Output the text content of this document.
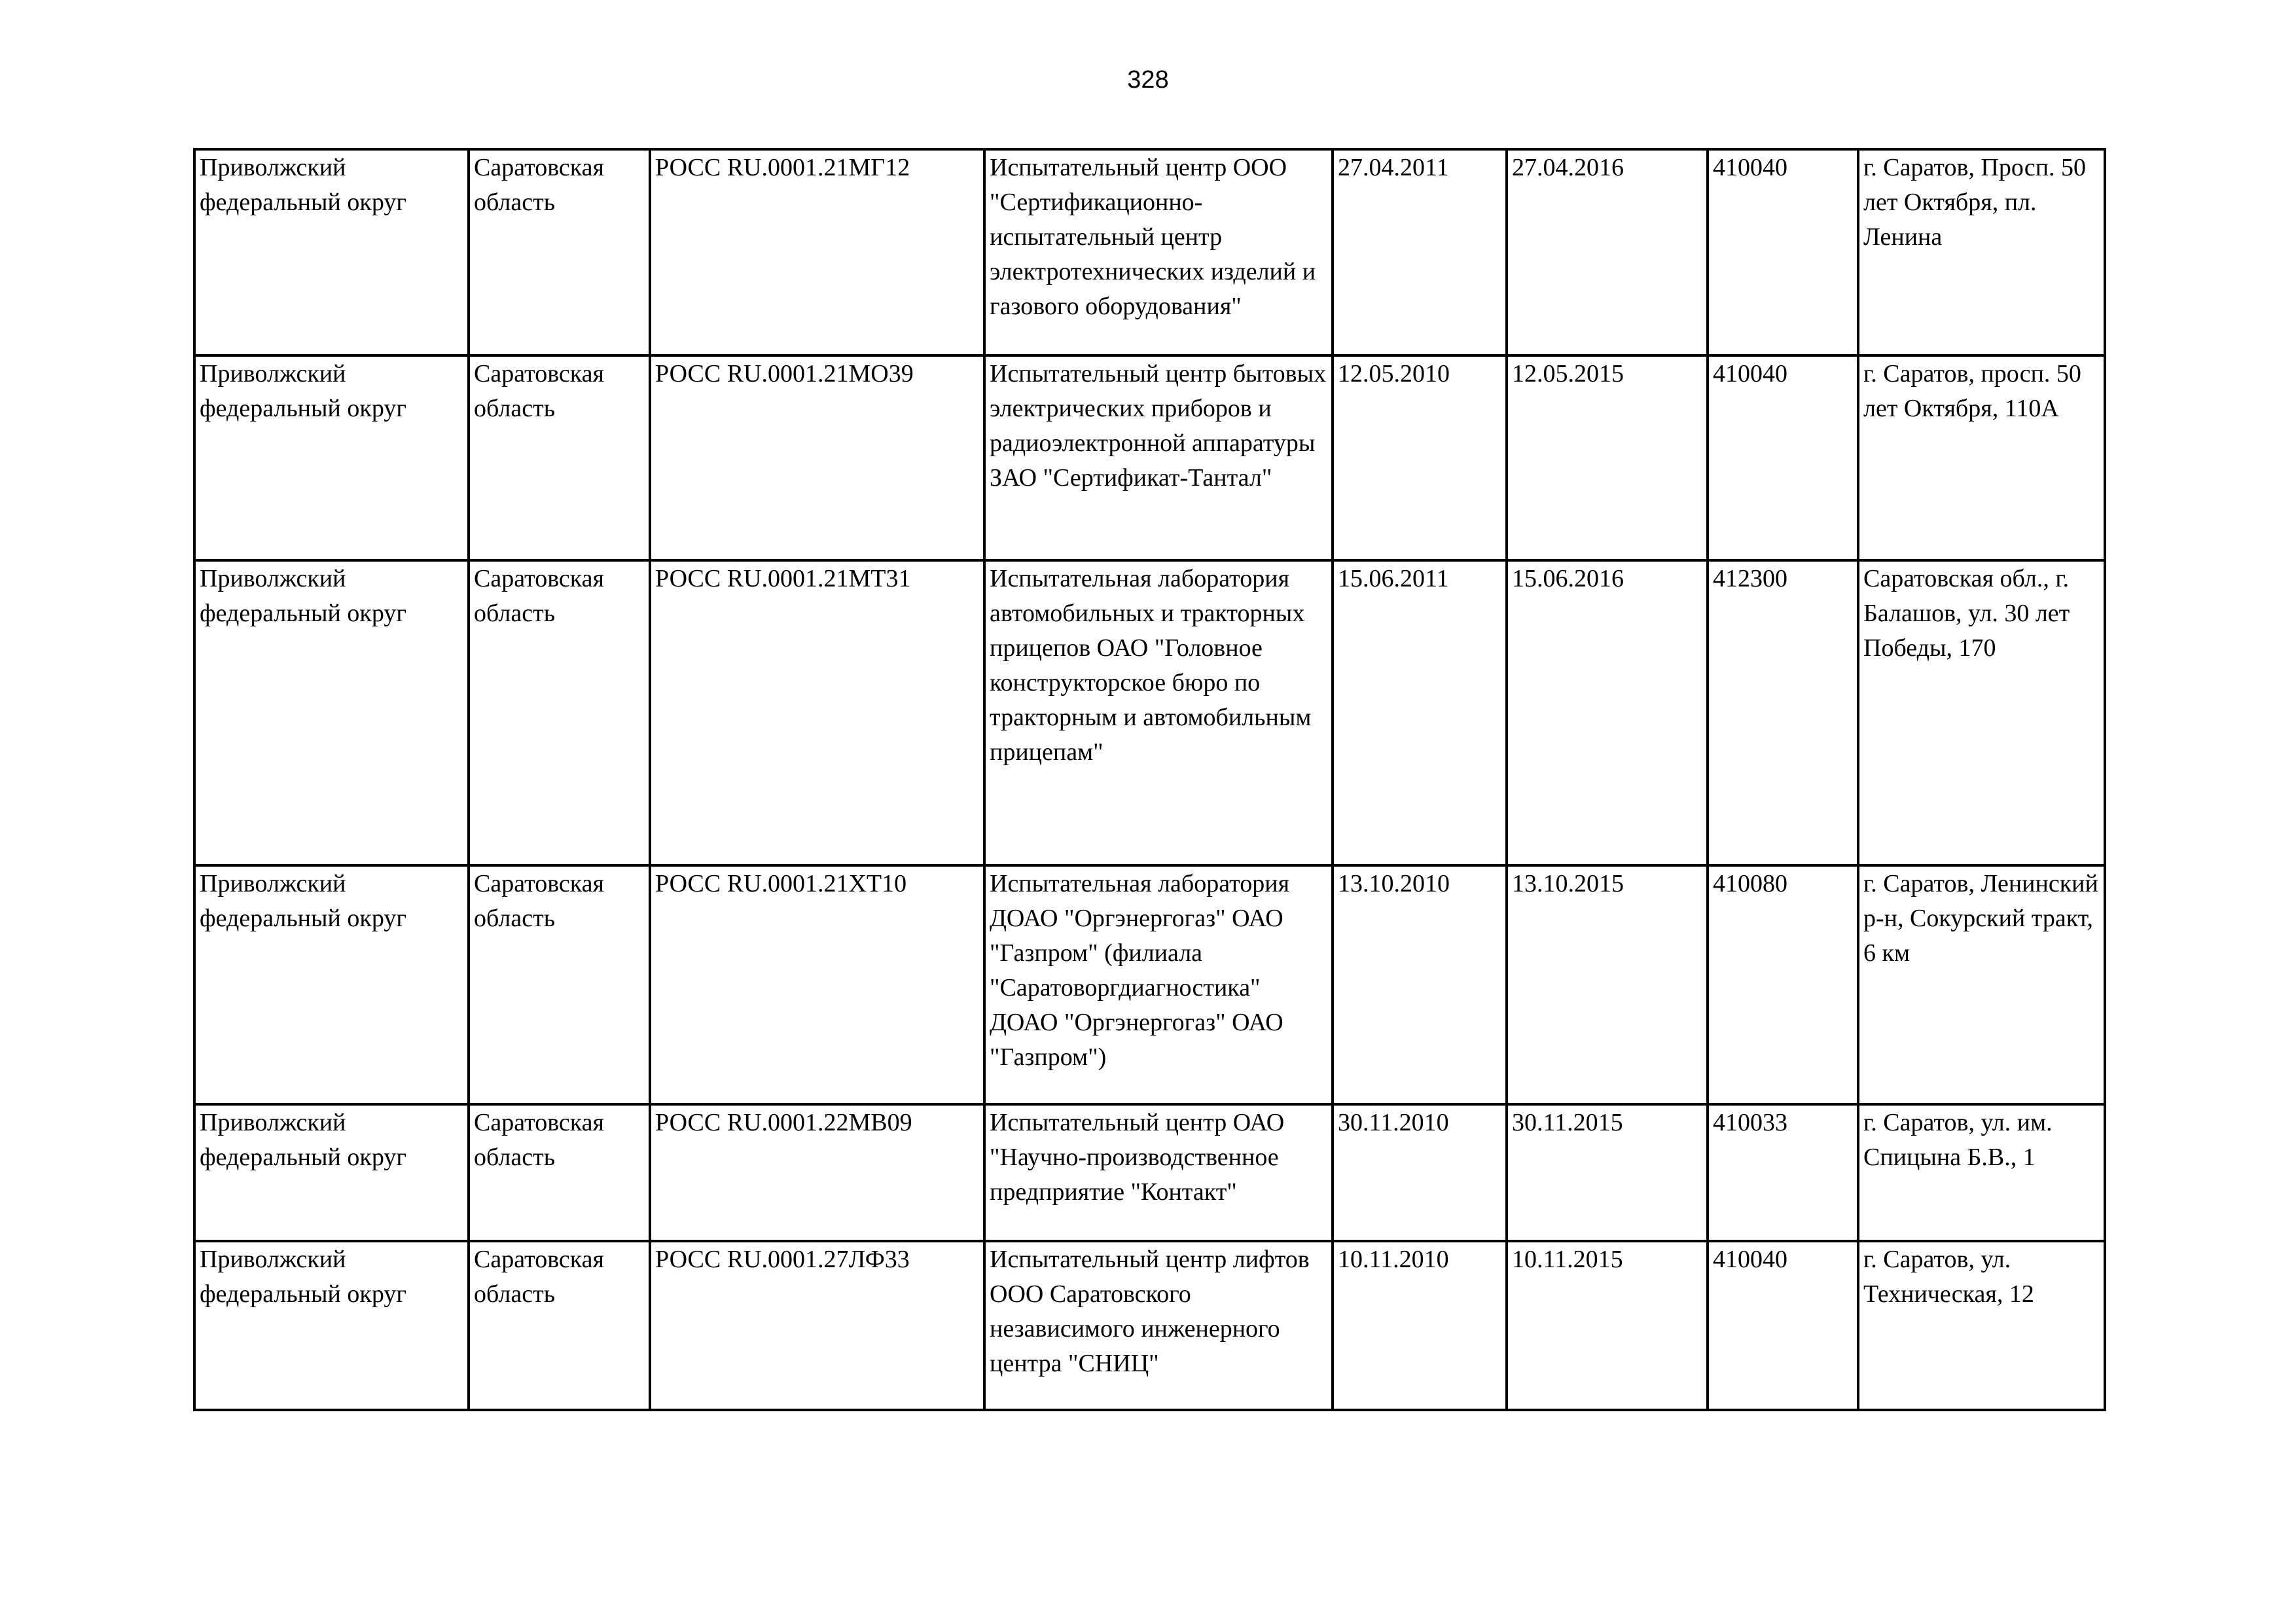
328
Приволжский федеральный округ	Саратовская область	РОСС RU.0001.21МГ12	Испытательный центр ООО "Сертификационно-испытательный центр электротехнических изделий и газового оборудования"	27.04.2011	27.04.2016	410040	г. Саратов, Просп. 50 лет Октября, пл. Ленина

Приволжский федеральный округ	Саратовская область	РОСС RU.0001.21МО39	Испытательный центр бытовых электрических приборов и радиоэлектронной аппаратуры ЗАО "Сертификат-Тантал"	12.05.2010	12.05.2015	410040	г. Саратов, просп. 50 лет Октября, 110А

Приволжский федеральный округ	Саратовская область	РОСС RU.0001.21МТ31	Испытательная лаборатория автомобильных и тракторных прицепов ОАО "Головное конструкторское бюро по тракторным и автомобильным прицепам"	15.06.2011	15.06.2016	412300	Саратовская обл., г. Балашов, ул. 30 лет Победы, 170

Приволжский федеральный округ	Саратовская область	РОСС RU.0001.21ХТ10	Испытательная лаборатория ДОАО "Оргэнергогаз" ОАО "Газпром" (филиала "Саратоворгдиагностика" ДОАО "Оргэнергогаз" ОАО "Газпром")	13.10.2010	13.10.2015	410080	г. Саратов, Ленинский р-н, Сокурский тракт, 6 км

Приволжский федеральный округ	Саратовская область	РОСС RU.0001.22МВ09	Испытательный центр ОАО "Научно-производственное предприятие "Контакт"	30.11.2010	30.11.2015	410033	г. Саратов, ул. им. Спицына Б.В., 1

Приволжский федеральный округ	Саратовская область	РОСС RU.0001.27ЛФ33	Испытательный центр лифтов ООО Саратовского независимого инженерного центра "СНИЦ"	10.11.2010	10.11.2015	410040	г. Саратов, ул. Техническая, 12
